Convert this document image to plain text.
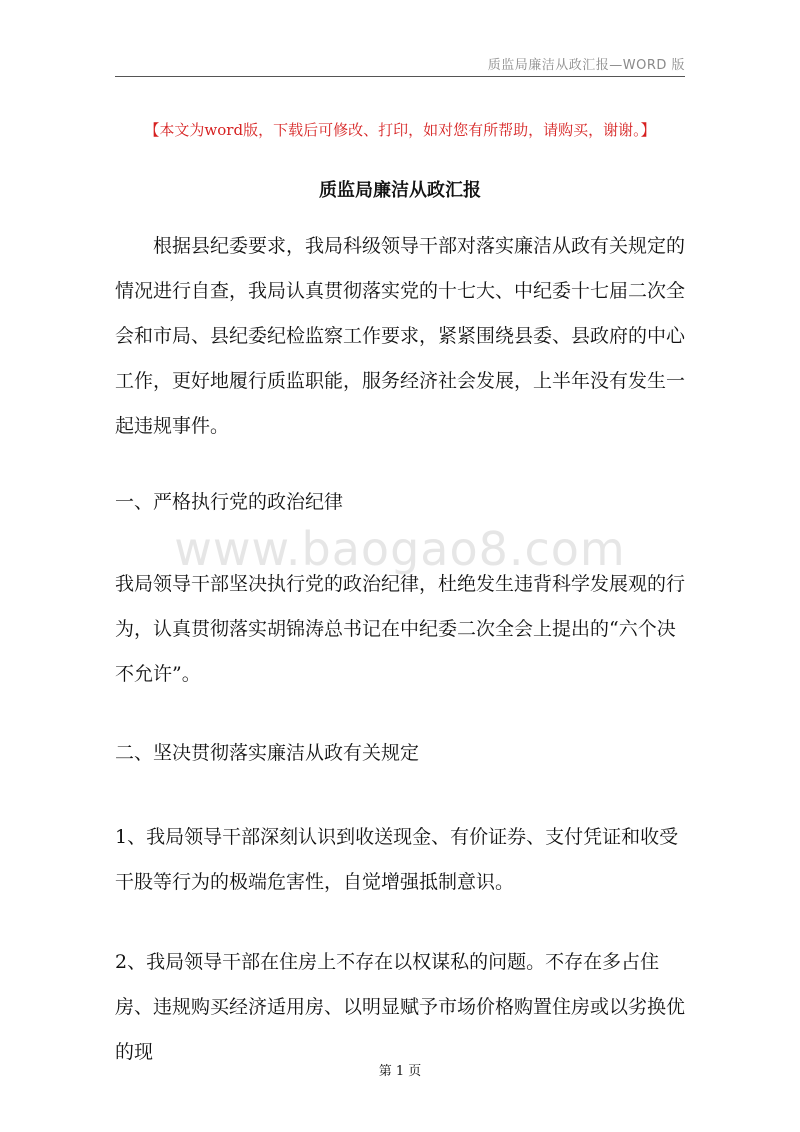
质监局廉洁从政汇报—WORD 版
【本文为word版，下载后可修改、打印，如对您有所帮助，请购买，谢谢。】
质监局廉洁从政汇报

根据县纪委要求，我局科级领导干部对落实廉洁从政有关规定的情况进行自查，我局认真贯彻落实党的十七大、中纪委十七届二次全会和市局、县纪委纪检监察工作要求，紧紧围绕县委、县政府的中心工作，更好地履行质监职能，服务经济社会发展，上半年没有发生一起违规事件。

一、严格执行党的政治纪律

www.baogao8.com

我局领导干部坚决执行党的政治纪律，杜绝发生违背科学发展观的行为，认真贯彻落实胡锦涛总书记在中纪委二次全会上提出的“六个决不允许”。

二、坚决贯彻落实廉洁从政有关规定

1、我局领导干部深刻认识到收送现金、有价证券、支付凭证和收受干股等行为的极端危害性，自觉增强抵制意识。

2、我局领导干部在住房上不存在以权谋私的问题。不存在多占住房、违规购买经济适用房、以明显赋予市场价格购置住房或以劣换优的现

第 1 页
